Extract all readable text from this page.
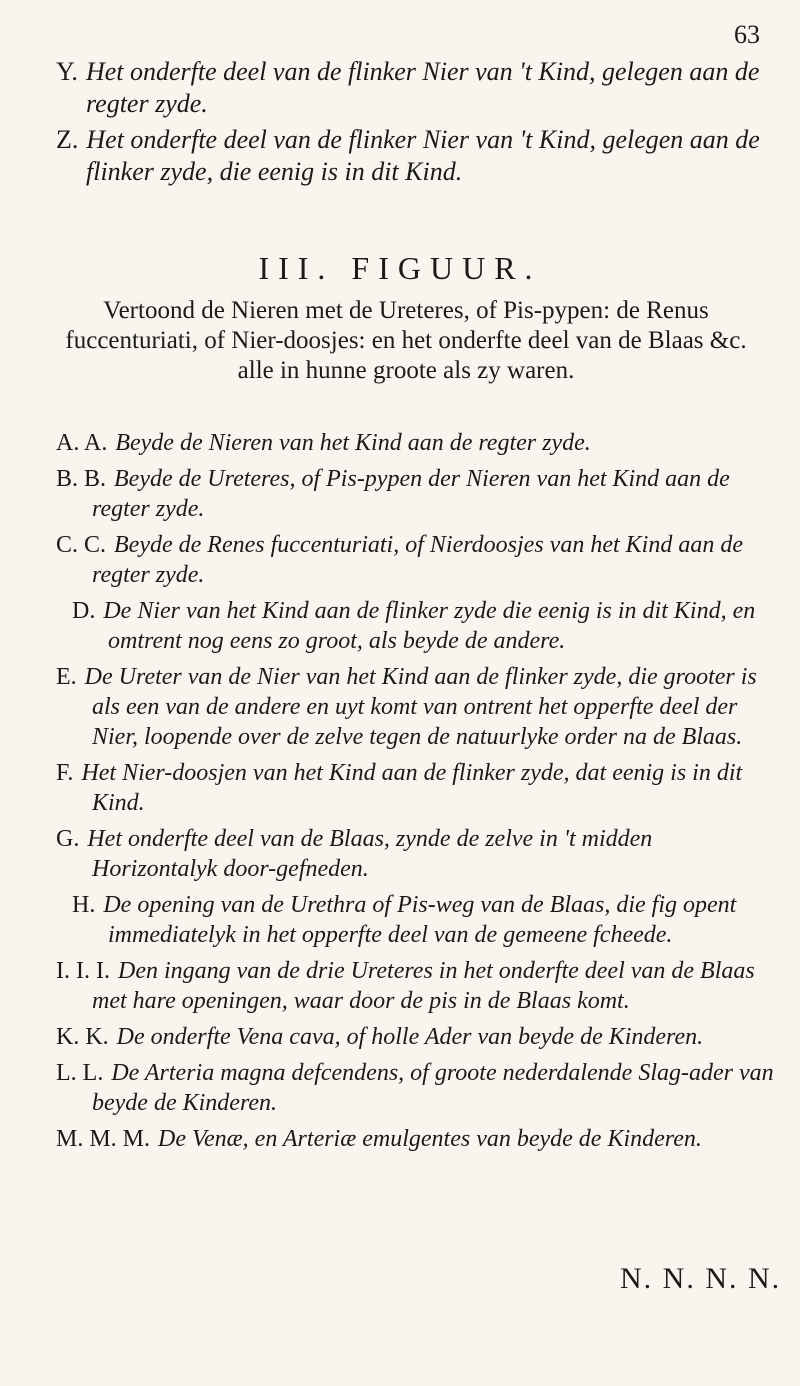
63
Y. Het onderfte deel van de flinker Nier van 't Kind, gelegen aan de regter zyde.
Z. Het onderfte deel van de flinker Nier van 't Kind, gelegen aan de flinker zyde, die eenig is in dit Kind.
III. FIGUUR.
Vertoond de Nieren met de Ureteres, of Pis-pypen: de Renus fuccenturiati, of Nier-doosjes: en het onderfte deel van de Blaas &c. alle in hunne groote als zy waren.
A. A. Beyde de Nieren van het Kind aan de regter zyde.
B. B. Beyde de Ureteres, of Pis-pypen der Nieren van het Kind aan de regter zyde.
C. C. Beyde de Renes fuccenturiati, of Nierdoosjes van het Kind aan de regter zyde.
D. De Nier van het Kind aan de flinker zyde die eenig is in dit Kind, en omtrent nog eens zo groot, als beyde de andere.
E. De Ureter van de Nier van het Kind aan de flinker zyde, die grooter is als een van de andere en uyt komt van ontrent het opperfte deel der Nier, loopende over de zelve tegen de natuurlyke order na de Blaas.
F. Het Nier-doosjen van het Kind aan de flinker zyde, dat eenig is in dit Kind.
G. Het onderfte deel van de Blaas, zynde de zelve in 't midden Horizontalyk door-gefneden.
H. De opening van de Urethra of Pis-weg van de Blaas, die fig opent immediatelyk in het opperfte deel van de gemeene fcheede.
I. I. I. Den ingang van de drie Ureteres in het onderfte deel van de Blaas met hare openingen, waar door de pis in de Blaas komt.
K. K. De onderfte Vena cava, of holle Ader van beyde de Kinderen.
L. L. De Arteria magna defcendens, of groote nederdalende Slag-ader van beyde de Kinderen.
M. M. M. De Venæ, en Arteriæ emulgentes van beyde de Kinderen.
N. N. N. N.
